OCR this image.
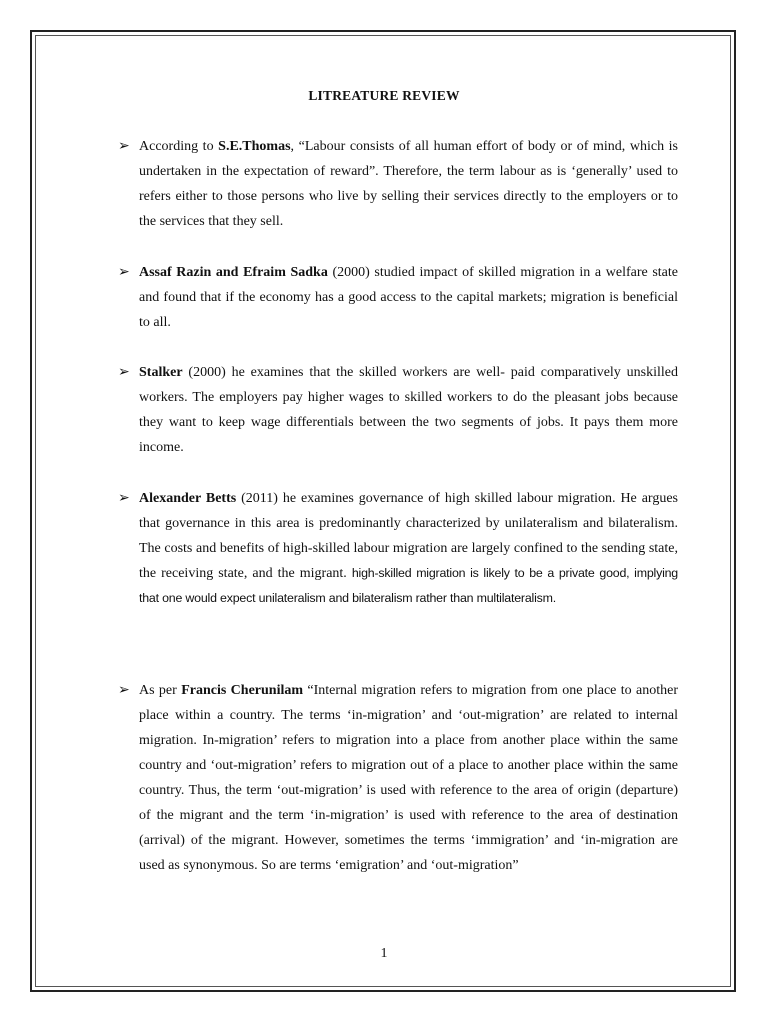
LITREATURE REVIEW
➢ According to S.E.Thomas, “Labour consists of all human effort of body or of mind, which is undertaken in the expectation of reward”. Therefore, the term labour as is ‘generally’ used to refers either to those persons who live by selling their services directly to the employers or to the services that they sell.
➢ Assaf Razin and Efraim Sadka (2000) studied impact of skilled migration in a welfare state and found that if the economy has a good access to the capital markets; migration is beneficial to all.
➢ Stalker (2000) he examines that the skilled workers are well- paid comparatively unskilled workers. The employers pay higher wages to skilled workers to do the pleasant jobs because they want to keep wage differentials between the two segments of jobs. It pays them more income.
➢ Alexander Betts (2011) he examines governance of high skilled labour migration. He argues that governance in this area is predominantly characterized by unilateralism and bilateralism. The costs and benefits of high-skilled labour migration are largely confined to the sending state, the receiving state, and the migrant. high-skilled migration is likely to be a private good, implying that one would expect unilateralism and bilateralism rather than multilateralism.
➢ As per Francis Cherunilam “Internal migration refers to migration from one place to another place within a country. The terms ‘in-migration’ and ‘out-migration’ are related to internal migration. In-migration’ refers to migration into a place from another place within the same country and ‘out-migration’ refers to migration out of a place to another place within the same country. Thus, the term ‘out-migration’ is used with reference to the area of origin (departure) of the migrant and the term ‘in-migration’ is used with reference to the area of destination (arrival) of the migrant. However, sometimes the terms ‘immigration’ and ‘in-migration are used as synonymous. So are terms ‘emigration’ and ‘out-migration”
1
